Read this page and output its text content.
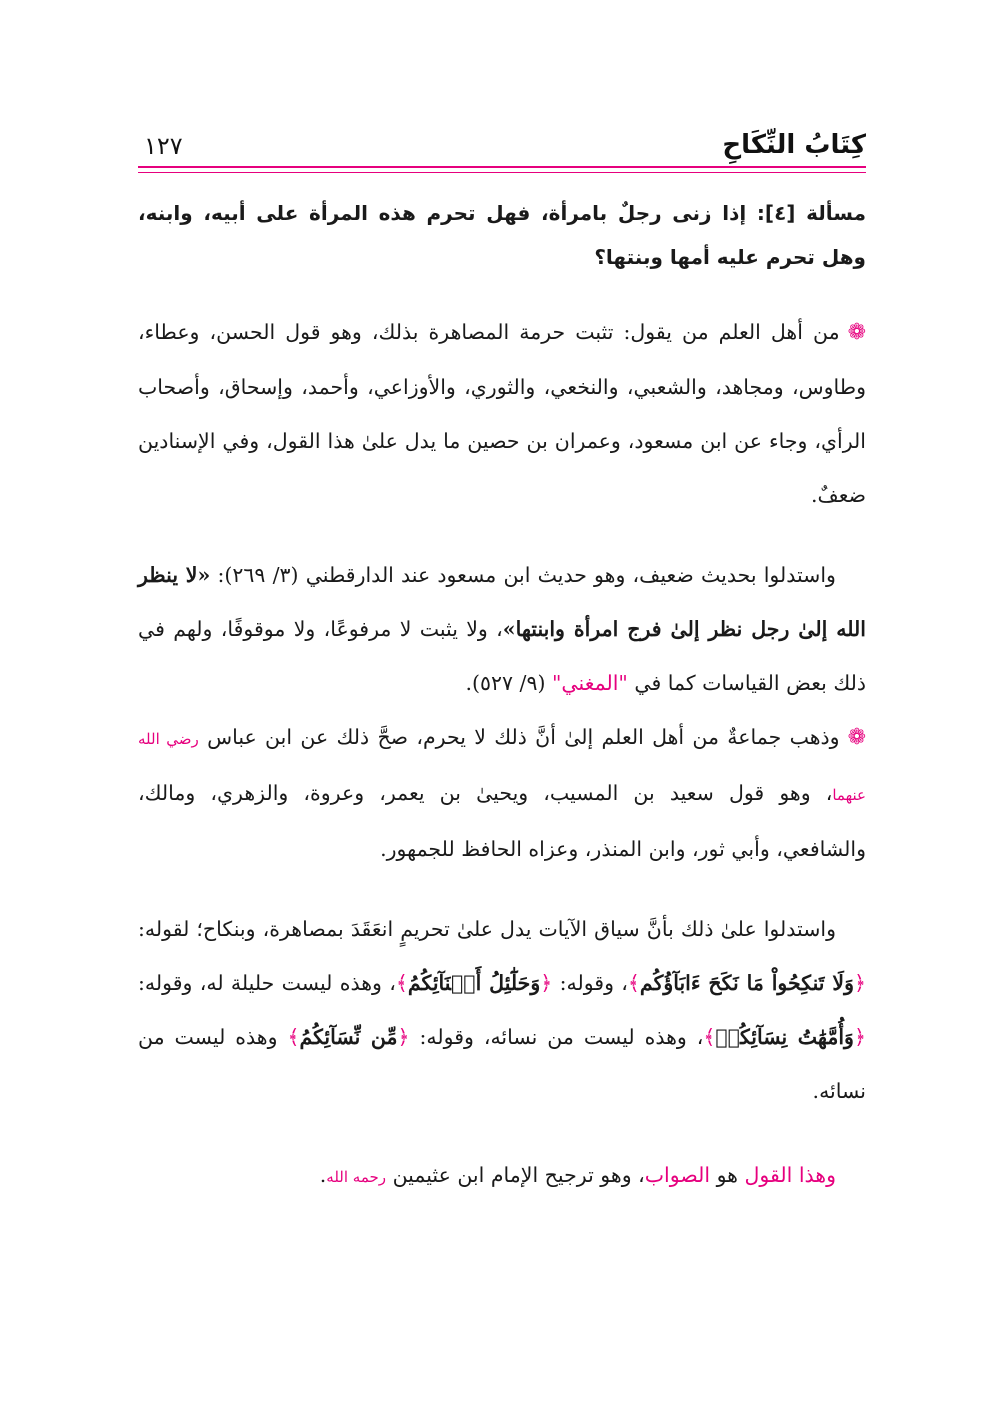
كِتَابُ النِّكَاحِ
١٢٧
مسألة [٤]: إذا زنى رجلٌ بامرأة، فهل تحرم هذه المرأة على أبيه، وابنه، وهل تحرم عليه أمها وبنتها؟

❁من أهل العلم من يقول: تثبت حرمة المصاهرة بذلك، وهو قول الحسن، وعطاء، وطاوس، ومجاهد، والشعبي، والنخعي، والثوري، والأوزاعي، وأحمد، وإسحاق، وأصحاب الرأي، وجاء عن ابن مسعود، وعمران بن حصين ما يدل علىٰ هذا القول، وفي الإسنادين ضعفٌ.

واستدلوا بحديث ضعيف، وهو حديث ابن مسعود عند الدارقطني (٣/ ٢٦٩): «لا ينظر الله إلىٰ رجل نظر إلىٰ فرج امرأة وابنتها»، ولا يثبت لا مرفوعًا، ولا موقوفًا، ولهم في ذلك بعض القياسات كما في "المغني" (٩/ ٥٢٧).

❁وذهب جماعةٌ من أهل العلم إلىٰ أنَّ ذلك لا يحرم، صحَّ ذلك عن ابن عباس رضي الله عنهما، وهو قول سعيد بن المسيب، ويحيىٰ بن يعمر، وعروة، والزهري، ومالك، والشافعي، وأبي ثور، وابن المنذر، وعزاه الحافظ للجمهور.

واستدلوا علىٰ ذلك بأنَّ سياق الآيات يدل علىٰ تحريمٍ انعَقَدَ بمصاهرة، وبنكاح؛ لقوله: ﴿وَلَا تَنكِحُواْ مَا نَكَحَ ءَابَآؤُكُم﴾، وقوله: ﴿وَحَلَٰٓئِلُ أَبۡنَآئِكُمُ﴾، وهذه ليست حليلة له، وقوله: ﴿وَأُمَّهَٰتُ نِسَآئِكُمۡ﴾، وهذه ليست من نسائه، وقوله: ﴿مِّن نِّسَآئِكُمُ﴾ وهذه ليست من نسائه.

وهذا القول هو الصواب، وهو ترجيح الإمام ابن عثيمين رحمه الله.
